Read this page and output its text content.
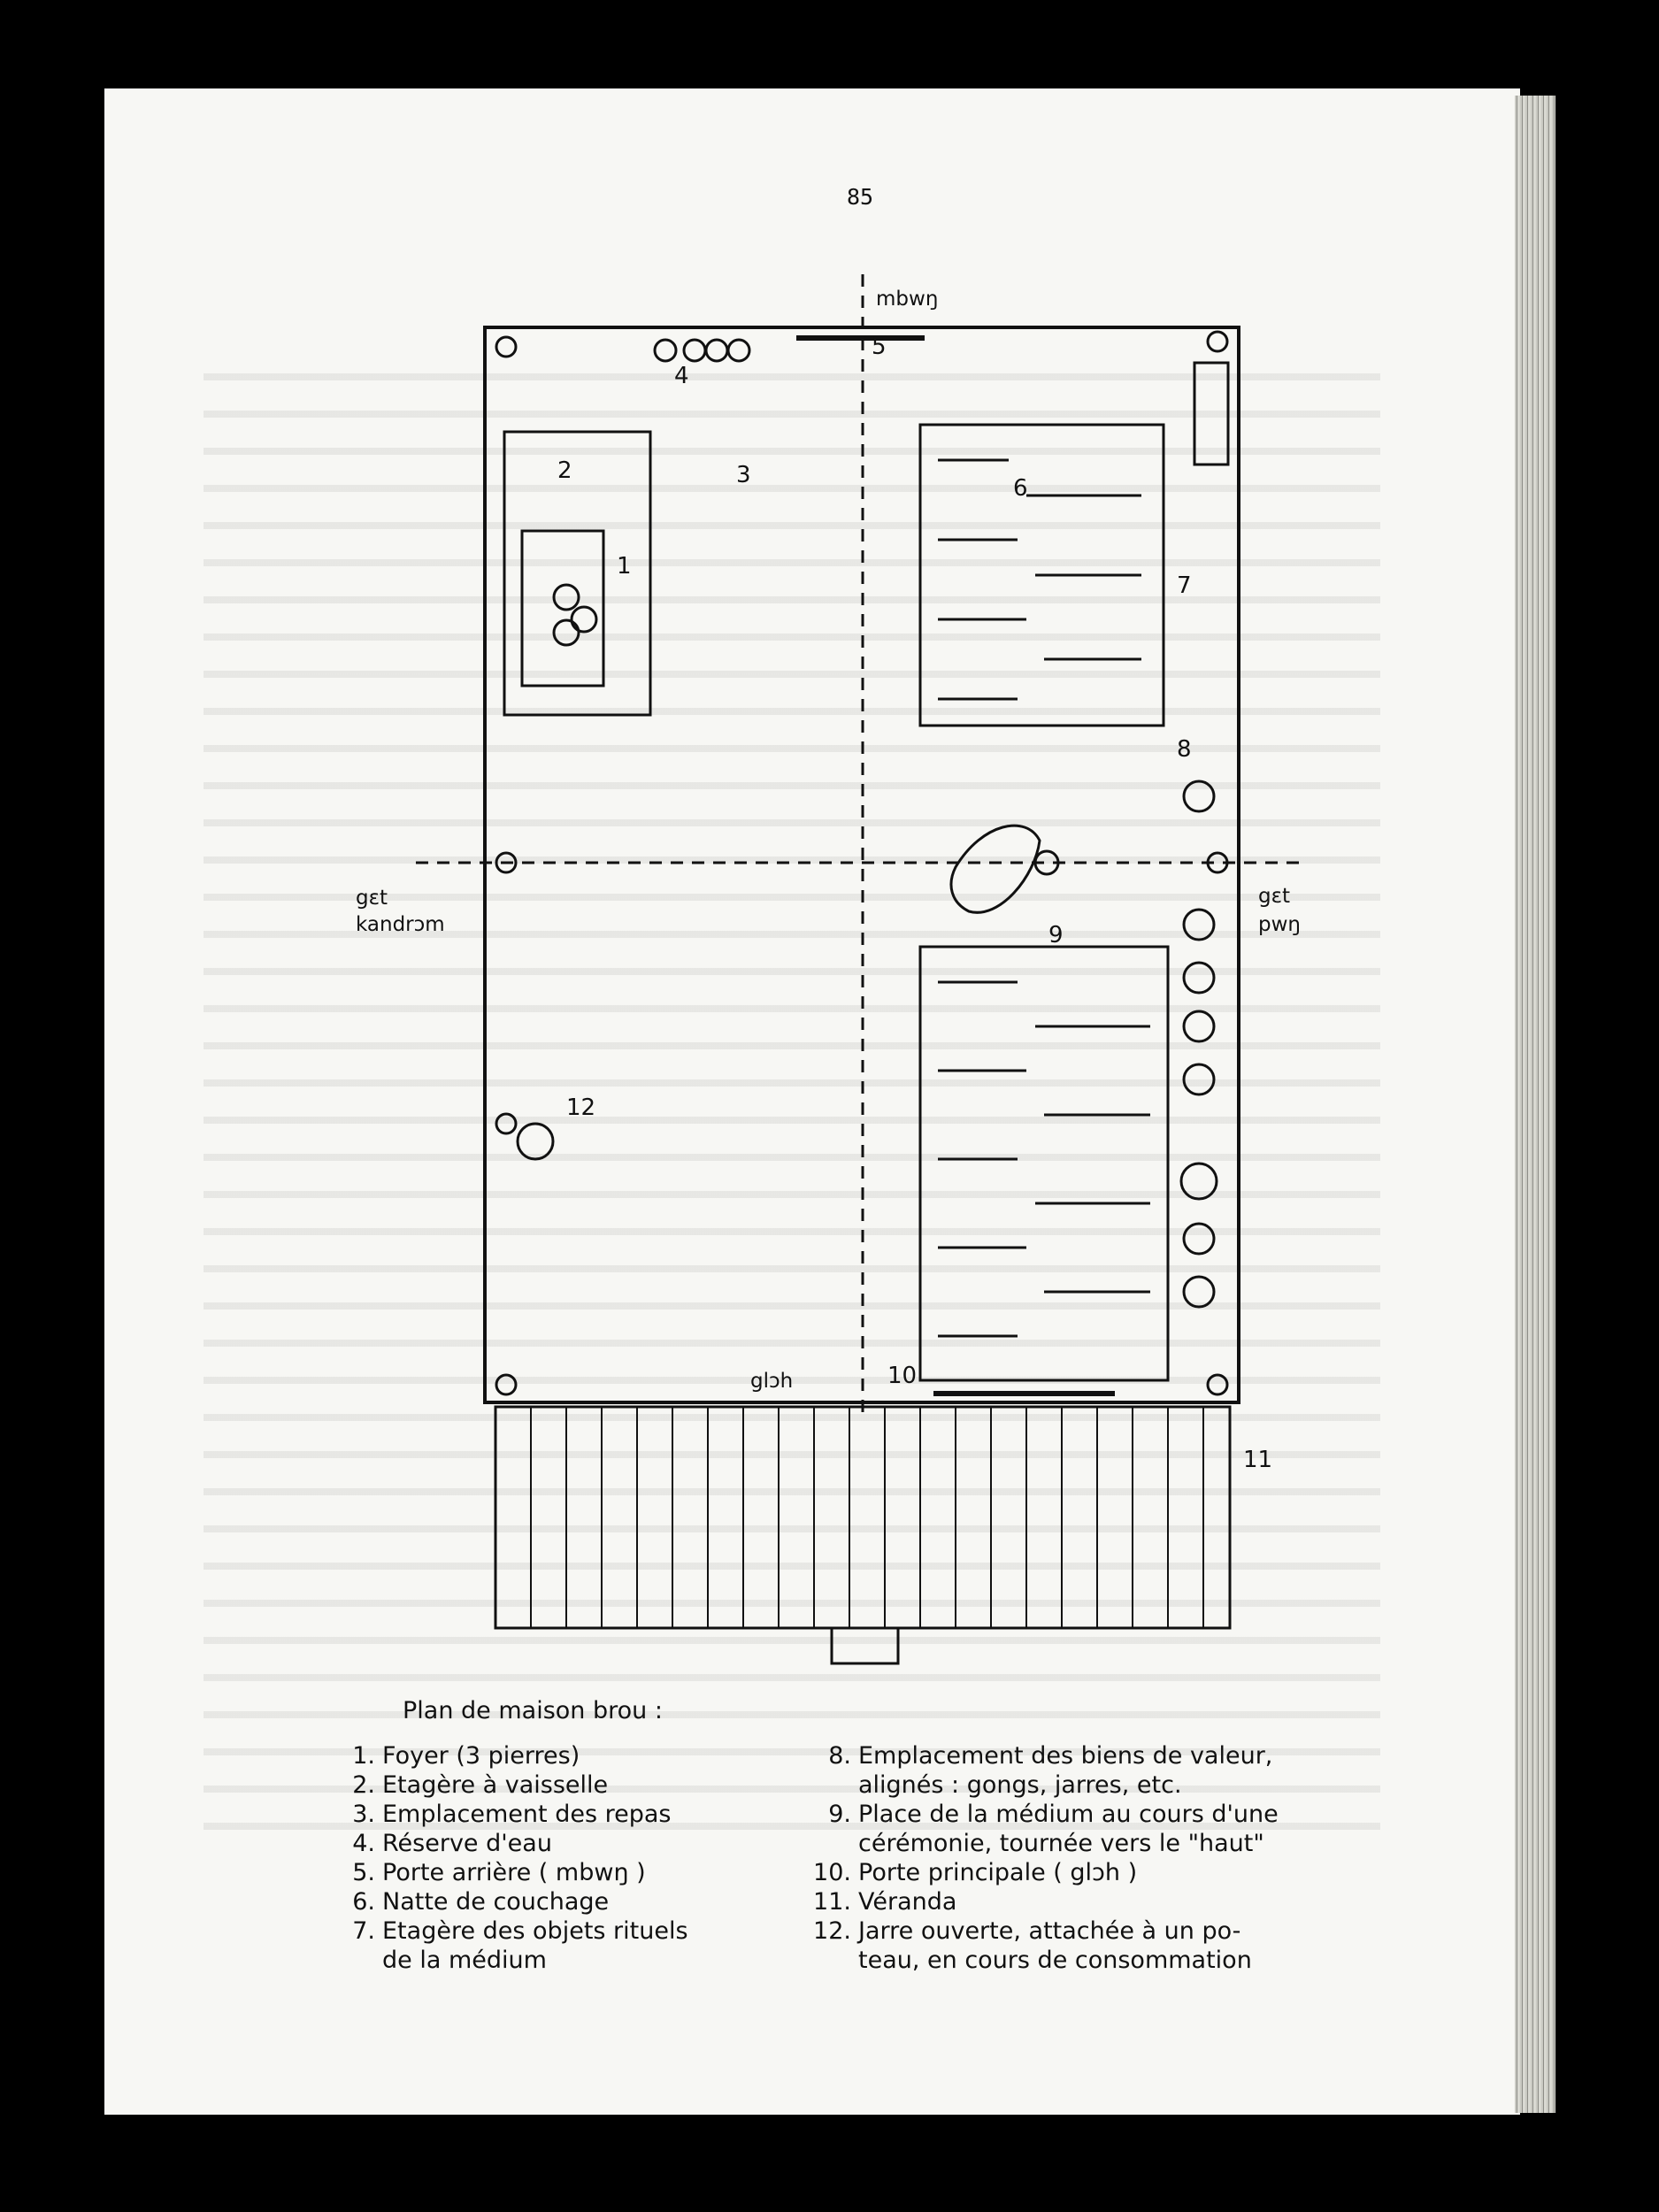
85
1
2	3
4
5
6
7
8
9
10
11
12
mbwŋ
gɛt
kandrɔm
gɛt
pwŋ
glɔh
Plan de maison brou :
1. Foyer (3 pierres)
2. Etagère à vaisselle
3. Emplacement des repas
4. Réserve d'eau
5. Porte arrière ( mbwŋ )
6. Natte de couchage
7. Etagère des objets rituels
de la médium
8. Emplacement des biens de valeur,
alignés : gongs, jarres, etc.
9. Place de la médium au cours d'une
cérémonie, tournée vers le "haut"
10. Porte principale ( glɔh )
11. Véranda
12. Jarre ouverte, attachée à un po-
teau, en cours de consommation
